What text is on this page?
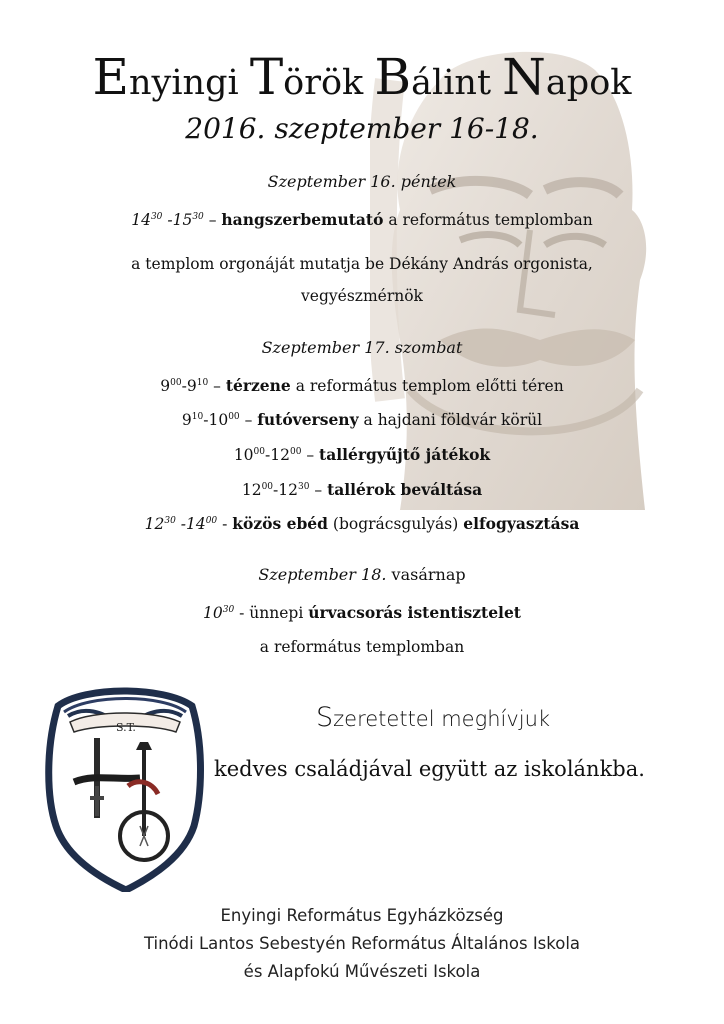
Enyingi Török Bálint Napok
2016. szeptember 16-18.
Szeptember 16. péntek
$14^{30}$ $-15^{30}$ – hangszerbemutató a református templomban
a templom orgonáját mutatja be Dékány András orgonista,
vegyészmérnök
Szeptember 17. szombat
$9^{00}-9^{10}$ – térzene a református templom előtti téren
$9^{10}-10^{00}$ – futóverseny a hajdani földvár körül
$10^{00}-12^{00}$ – tallérgyűjtő játékok
$12^{00}-12^{30}$ – tallérok beváltása
$12^{30}$ $-14^{00}$ - közös ebéd (bográcsgulyás) elfogyasztása
Szeptember 18. vasárnap
$10^{30}$ - ünnepi úrvacsorás istentisztelet
a református templomban
S.T.	Szeretettel meghívjuk
kedves családjával együtt az iskolánkba.
Enyingi Református Egyházközség
Tinódi Lantos Sebestyén Református Általános Iskola
és Alapfokú Művészeti Iskola
